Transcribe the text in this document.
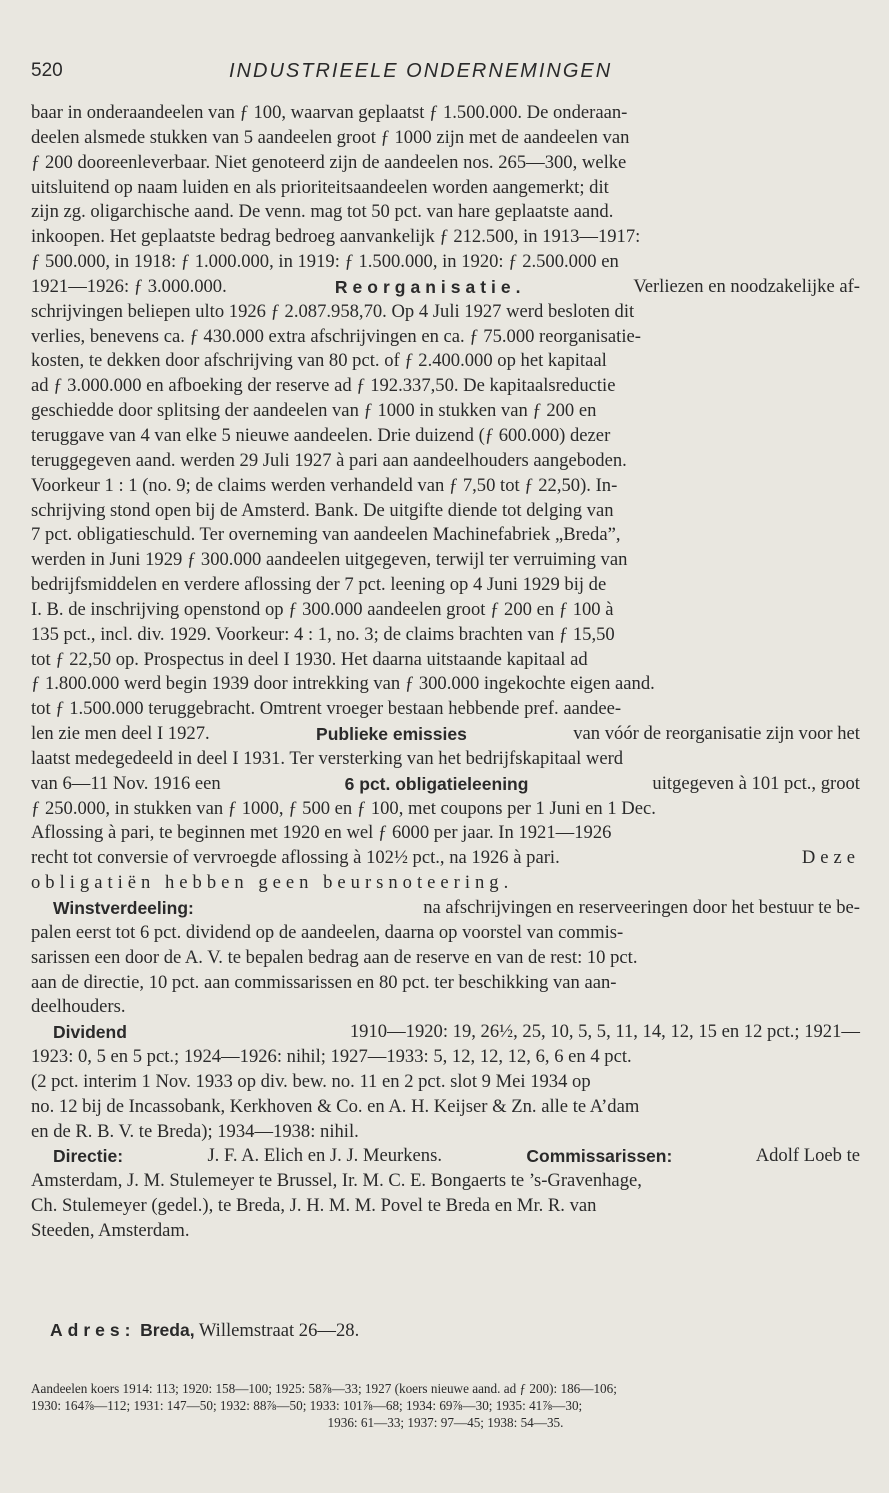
520	INDUSTRIEELE ONDERNEMINGEN
baar in onderaandeelen van ƒ 100, waarvan geplaatst ƒ 1.500.000. De onderaan-
deelen alsmede stukken van 5 aandeelen groot ƒ 1000 zijn met de aandeelen van
ƒ 200 dooreenleverbaar. Niet genoteerd zijn de aandeelen nos. 265—300, welke
uitsluitend op naam luiden en als prioriteitsaandeelen worden aangemerkt; dit
zijn zg. oligarchische aand. De venn. mag tot 50 pct. van hare geplaatste aand.
inkoopen. Het geplaatste bedrag bedroeg aanvankelijk ƒ 212.500, in 1913—1917:
ƒ 500.000, in 1918: ƒ 1.000.000, in 1919: ƒ 1.500.000, in 1920: ƒ 2.500.000 en
1921—1926: ƒ 3.000.000.	Reorganisatie.	Verliezen en noodzakelijke af-
schrijvingen beliepen ulto 1926 ƒ 2.087.958,70. Op 4 Juli 1927 werd besloten dit
verlies, benevens ca. ƒ 430.000 extra afschrijvingen en ca. ƒ 75.000 reorganisatie-
kosten, te dekken door afschrijving van 80 pct. of ƒ 2.400.000 op het kapitaal
ad ƒ 3.000.000 en afboeking der reserve ad ƒ 192.337,50. De kapitaalsreductie
geschiedde door splitsing der aandeelen van ƒ 1000 in stukken van ƒ 200 en
teruggave van 4 van elke 5 nieuwe aandeelen. Drie duizend (ƒ 600.000) dezer
teruggegeven aand. werden 29 Juli 1927 à pari aan aandeelhouders aangeboden.
Voorkeur 1 : 1 (no. 9; de claims werden verhandeld van ƒ 7,50 tot ƒ 22,50). In-
schrijving stond open bij de Amsterd. Bank. De uitgifte diende tot delging van
7 pct. obligatieschuld. Ter overneming van aandeelen Machinefabriek „Breda”,
werden in Juni 1929 ƒ 300.000 aandeelen uitgegeven, terwijl ter verruiming van
bedrijfsmiddelen en verdere aflossing der 7 pct. leening op 4 Juni 1929 bij de
I. B. de inschrijving openstond op ƒ 300.000 aandeelen groot ƒ 200 en ƒ 100 à
135 pct., incl. div. 1929. Voorkeur: 4 : 1, no. 3; de claims brachten van ƒ 15,50
tot ƒ 22,50 op. Prospectus in deel I 1930. Het daarna uitstaande kapitaal ad
ƒ 1.800.000 werd begin 1939 door intrekking van ƒ 300.000 ingekochte eigen aand.
tot ƒ 1.500.000 teruggebracht. Omtrent vroeger bestaan hebbende pref. aandee-
len zie men deel I 1927.	Publieke emissies	van vóór de reorganisatie zijn voor het
laatst medegedeeld in deel I 1931. Ter versterking van het bedrijfskapitaal werd
van 6—11 Nov. 1916 een	6 pct. obligatieleening	uitgegeven à 101 pct., groot
ƒ 250.000, in stukken van ƒ 1000, ƒ 500 en ƒ 100, met coupons per 1 Juni en 1 Dec.
Aflossing à pari, te beginnen met 1920 en wel ƒ 6000 per jaar. In 1921—1926
recht tot conversie of vervroegde aflossing à 102½ pct., na 1926 à pari.	Deze
obligatiën hebben geen beursnoteering.
Winstverdeeling:	na afschrijvingen en reserveeringen door het bestuur te be-
palen eerst tot 6 pct. dividend op de aandeelen, daarna op voorstel van commis-
sarissen een door de A. V. te bepalen bedrag aan de reserve en van de rest: 10 pct.
aan de directie, 10 pct. aan commissarissen en 80 pct. ter beschikking van aan-
deelhouders.
Dividend	1910—1920: 19, 26½, 25, 10, 5, 5, 11, 14, 12, 15 en 12 pct.; 1921—
1923: 0, 5 en 5 pct.; 1924—1926: nihil; 1927—1933: 5, 12, 12, 12, 6, 6 en 4 pct.
(2 pct. interim 1 Nov. 1933 op div. bew. no. 11 en 2 pct. slot 9 Mei 1934 op
no. 12 bij de Incassobank, Kerkhoven & Co. en A. H. Keijser & Zn. alle te A’dam
en de R. B. V. te Breda); 1934—1938: nihil.
Directie:	J. F. A. Elich en J. J. Meurkens.	Commissarissen:	Adolf Loeb te
Amsterdam, J. M. Stulemeyer te Brussel, Ir. M. C. E. Bongaerts te ’s-Gravenhage,
Ch. Stulemeyer (gedel.), te Breda, J. H. M. M. Povel te Breda en Mr. R. van
Steeden, Amsterdam.
Adres: Breda, Willemstraat 26—28.
Aandeelen koers 1914: 113; 1920: 158—100; 1925: 58⅞—33; 1927 (koers nieuwe aand. ad ƒ 200): 186—106;
1930: 164⅞—112; 1931: 147—50; 1932: 88⅞—50; 1933: 101⅞—68; 1934: 69⅞—30; 1935: 41⅞—30;
1936: 61—33; 1937: 97—45; 1938: 54—35.
